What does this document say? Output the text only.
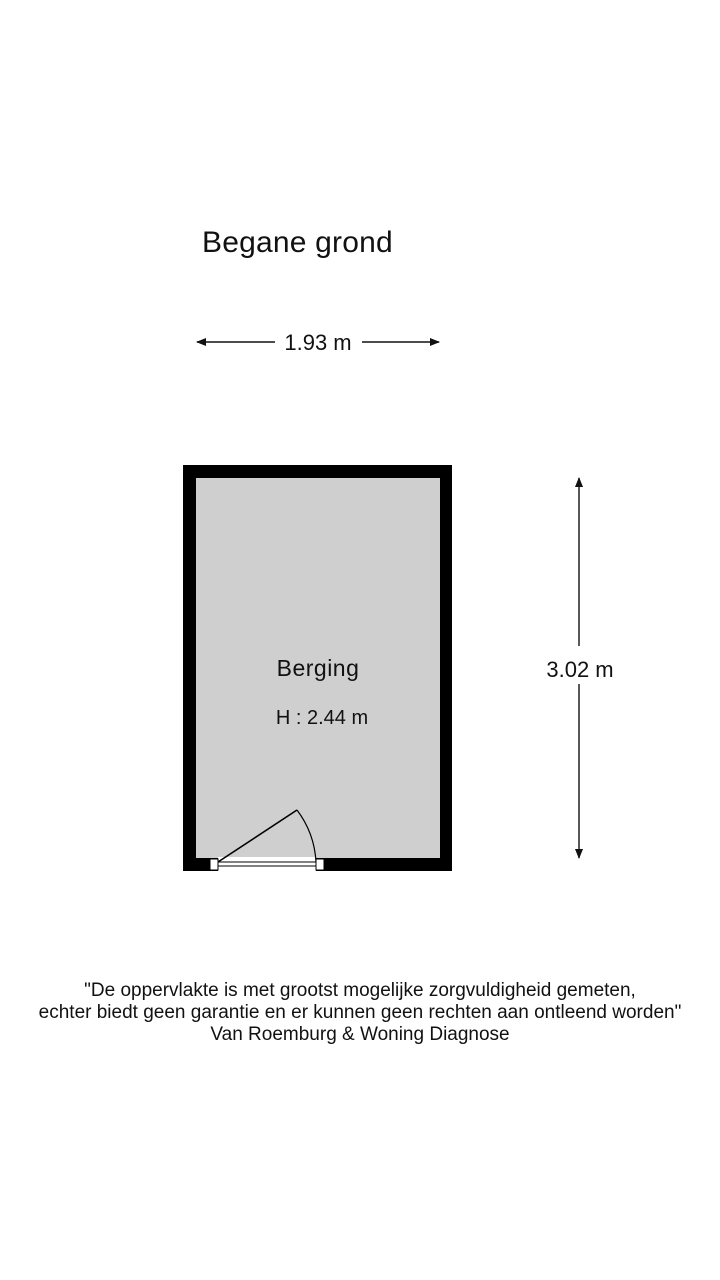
Begane grond
1.93 m
3.02 m
Berging
H : 2.44 m
"De oppervlakte is met grootst mogelijke zorgvuldigheid gemeten,
echter biedt geen garantie en er kunnen geen rechten aan ontleend worden"
Van Roemburg & Woning Diagnose
